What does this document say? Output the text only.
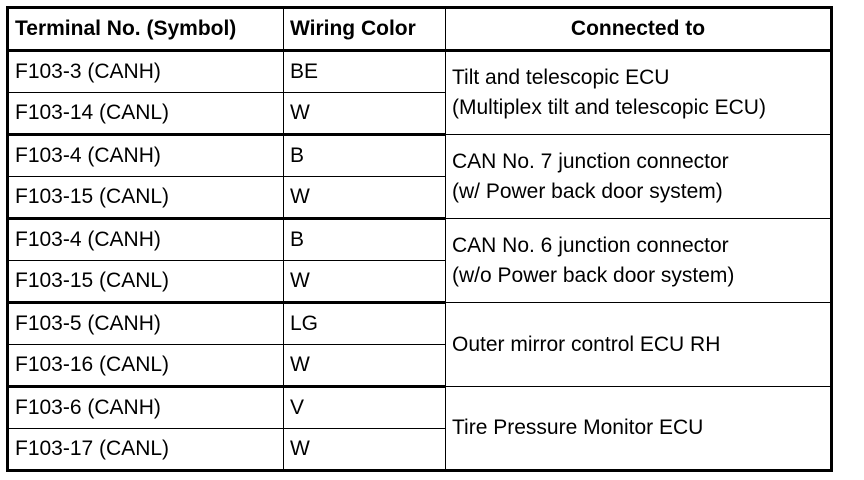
Terminal No. (Symbol)	Wiring Color	Connected to
F103-3 (CANH)	BE	Tilt and telescopic ECU
(Multiplex tilt and telescopic ECU)

F103-14 (CANL)	W	
F103-4 (CANH)	B	CAN No. 7 junction connector
(w/ Power back door system)

F103-15 (CANL)	W	
F103-4 (CANH)	B	CAN No. 6 junction connector
(w/o Power back door system)

F103-15 (CANL)	W	
F103-5 (CANH)	LG	Outer mirror control ECU RH

F103-16 (CANL)	W	
F103-6 (CANH)	V	Tire Pressure Monitor ECU

F103-17 (CANL)	W	
